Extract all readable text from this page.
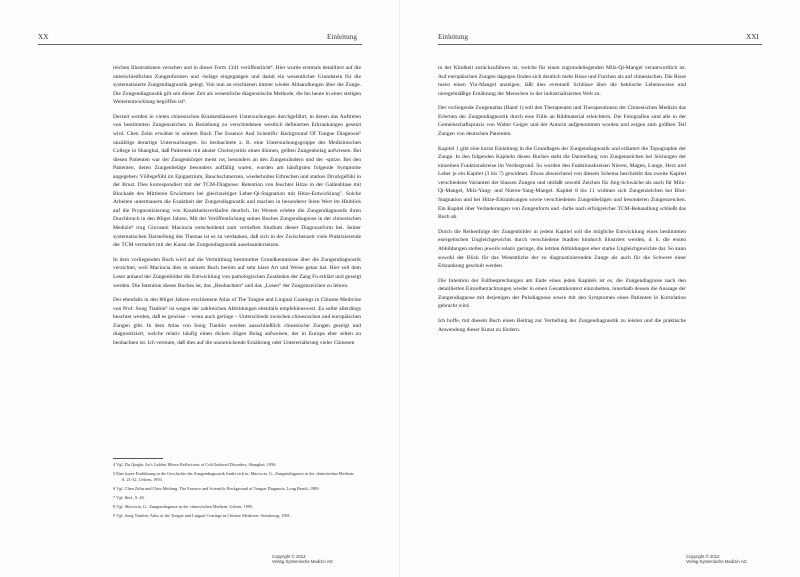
XX	Einleitung

reichen Illustrationen versehen und in dieser Form 1341 veröffentlicht⁴. Hier wurde erstmals detailliert auf die unterschiedlichen Zungenformen und -beläge eingegangen und damit ein wesentlicher Grundstein für die systematisierte Zungendiagnostik gelegt. Von nun an erschienen immer wieder Abhandlungen über die Zunge. Die Zungendiagnostik gilt seit dieser Zeit als wesentliche diagnostische Methode, die bis heute in einer stetigen Weiterentwicklung begriffen ist⁵.

Derzeit werden in vielen chinesischen Krankenhäusern Untersuchungen durchgeführt, in denen das Auftreten von bestimmten Zungenzeichen in Beziehung zu verschiedenen westlich definierten Erkrankungen gesetzt wird. Chen Zelin erwähnt in seinem Buch The Essence And Scientific Background Of Tongue Diagnosis⁶ unzählige derartige Untersuchungen. So beobachtete z. B. eine Untersuchungsgruppe des Medizinischen College in Shanghai, daß Patienten mit akuter Cholezystitis einen dünnen, gelben Zungenbelag aufwiesen. Bei diesen Patienten war der Zungenkörper meist rot, besonders an den Zungenrändern und der -spitze. Bei den Patienten, deren Zungenbeläge besonders auffällig waren, wurden am häufigsten folgende Symptome angegeben: Völlegefühl im Epigastrium, Bauchschmerzen, wiederholtes Erbrechen und starkes Druckgefühl in der Brust. Dies korrespondiert mit der TCM-Diagnose: Retention von feuchter Hitze in der Gallenblase mit Blockade des Mittleren Erwärmers bei gleichzeitiger Leber-Qi-Stagnation mit Hitze-Entwicklung⁷. Solche Arbeiten untermauern die Exaktheit der Zungendiagnostik und machen in besonderer ihren Wert im Hinblick auf die Prognostizierung von Krankheitsverläufen deutlich. Im Westen erlebte die Zungendiagnostik ihren Durchbruch in den 80iger Jahren. Mit der Veröffentlichung seines Buches Zungendiagnose in der chinesischen Medizin⁸ trug Giovanni Maciocia entscheidend zum vertieften Studium dieser Diagnoseform bei. Seiner systematischen Darstellung des Themas ist es zu verdanken, daß sich in der Zwischenzeit viele Praktizierende der TCM vermehrt mit der Kunst der Zungendiagnostik auseinandersetzen.

In dem vorliegenden Buch wird auf die Vermittlung bestimmter Grundkenntnisse über die Zungendiagnostik verzichtet, weil Maciocia dies in seinem Buch bereits auf sehr klare Art und Weise getan hat. Hier soll dem Leser anhand der Zungenbilder die Entwicklung von pathologischen Zuständen der Zang Fu erklärt und gezeigt werden. Die Intention dieses Buches ist, das „Beobachten“ und das „Lesen“ der Zungenzeichen zu lehren.

Der ebenfalls in den 80iger Jahren erschienene Atlas of The Tongue and Lingual Coatings in Chinese Medicine von Prof. Song Tianbin⁹ ist wegen der zahlreichen Abbildungen ebenfalls empfehlenswert. Es sollte allerdings beachtet werden, daß es gewisse – wenn auch geringe – Unterschiede zwischen chinesischen und europäischen Zungen gibt. In dem Atlas von Song Tianbin werden ausschließlich chinesische Zungen gezeigt und diagnostiziert, welche relativ häufig einen dicken öligen Belag aufweisen, der in Europa eher selten zu beobachten ist. Ich vermute, daß dies auf die unzureichende Ernährung oder Unterernährung vieler Chinesen

4 Vgl. Du Qingbi: Ao's Golden Mirror Reflections of Cold Induced Disorders, Shanghai, 1956.
5 Eine kurze Einführung in die Geschichte der Zungendiagnostik findet sich in: Maciocia, G.: Zungendiagnose in der chinesischen Medizin, S. 21-32, Uelzen, 1993.
6 Vgl. Chen Zelin und Chen Meifang: The Essence and Scientific Background of Tongue Diagnosis, Long Beach, 1989.
7 Vgl. Ibid., S. 26.
8 Vgl. Maciocia, G.: Zungendiagnose in der chinesischen Medizin, Uelzen, 1995.
9 Vgl. Song Tianbin: Atlas of the Tongue and Lingual Coatings in Chinese Medicine, Strasbourg, 1981.
Copyright © 2012
Verlag Systemische Medizin AG
Einleitung	XXI

in der Kindheit zurückzuführen ist, welche für einen zugrundeliegenden Milz-Qi-Mangel verantwortlich ist. Auf europäischen Zungen dagegen finden sich deutlich mehr Risse und Furchen als auf chinesischen. Die Risse meist einen Yin-Mangel anzeigen, läßt dies eventuell Schlüsse über die hektische Lebensweise und unregelmäßige Ernährung der Menschen in der industrialisierten Welt zu.

Der vorliegende Zungenatlas (Band 1) soll den Therapeuten und Therapeutinnen der Chinesischen Medizin das Erlernen der Zungendiagnostik durch eine Fülle an Bildmaterial erleichtern. Die Fotografien sind alle in der Gemeinschaftspraxis von Walter Geiger und der Autorin aufgenommen worden und zeigen zum größten Teil Zungen von deutschen Patienten.

Kapitel 1 gibt eine kurze Einleitung in die Grundlagen der Zungendiagnostik und erläutert die Topographie der Zunge. In den folgenden Kapiteln dieses Buches steht die Darstellung von Zungenzeichen bei Störungen der einzelnen Funktionskreise im Vordergrund. So wurden den Funktionskreisen Nieren, Magen, Lunge, Herz und Leber je ein Kapitel (3 bis 7) gewidmet. Etwas abweichend von diesem Schema beschreibt das zweite Kapitel verschiedene Varianten der blassen Zungen und umfaßt sowohl Zeichen für Jing-Schwäche als auch für Milz-Qi-Mangel, Milz-Yang- und Nieren-Yang-Mangel. Kapitel 8 bis 11 widmen sich Zungenzeichen bei Blut-Stagnation und bei Hitze-Erkrankungen sowie verschiedenen Zungenbelägen und besonderen Zungenzeichen. Ein Kapitel über Veränderungen von Zungenform und -farbe nach erfolgreicher TCM-Behandlung schließt das Buch ab.

Durch die Reihenfolge der Zungenbilder in jedem Kapitel soll die mögliche Entwicklung eines bestimmten energetischen Ungleichgewichts durch verschiedene Stadien hindurch illustriert werden, d. h. die ersten Abbildungen stellen jeweils relativ geringe, die letzten Abbildungen eher starke Ungleichgewichte dar. So kann sowohl der Blick für das Wesentliche der zu diagnostizierenden Zunge als auch für die Schwere einer Erkrankung geschult werden.

Die Intention der Fallbesprechungen am Ende eines jeden Kapitels ist es, die Zungendiagnose nach den detaillierten Einzelbetrachtungen wieder in einen Gesamtkontext einzubetten, innerhalb dessen die Aussage der Zungendiagnose mit derjenigen der Pulsdiagnose sowie mit den Symptomen eines Patienten in Korrelation gebracht wird.

Ich hoffe, mit diesem Buch einen Beitrag zur Vertiefung der Zungendiagnostik zu leisten und die praktische Anwendung dieser Kunst zu fördern.

Copyright © 2012
Verlag Systemische Medizin AG
